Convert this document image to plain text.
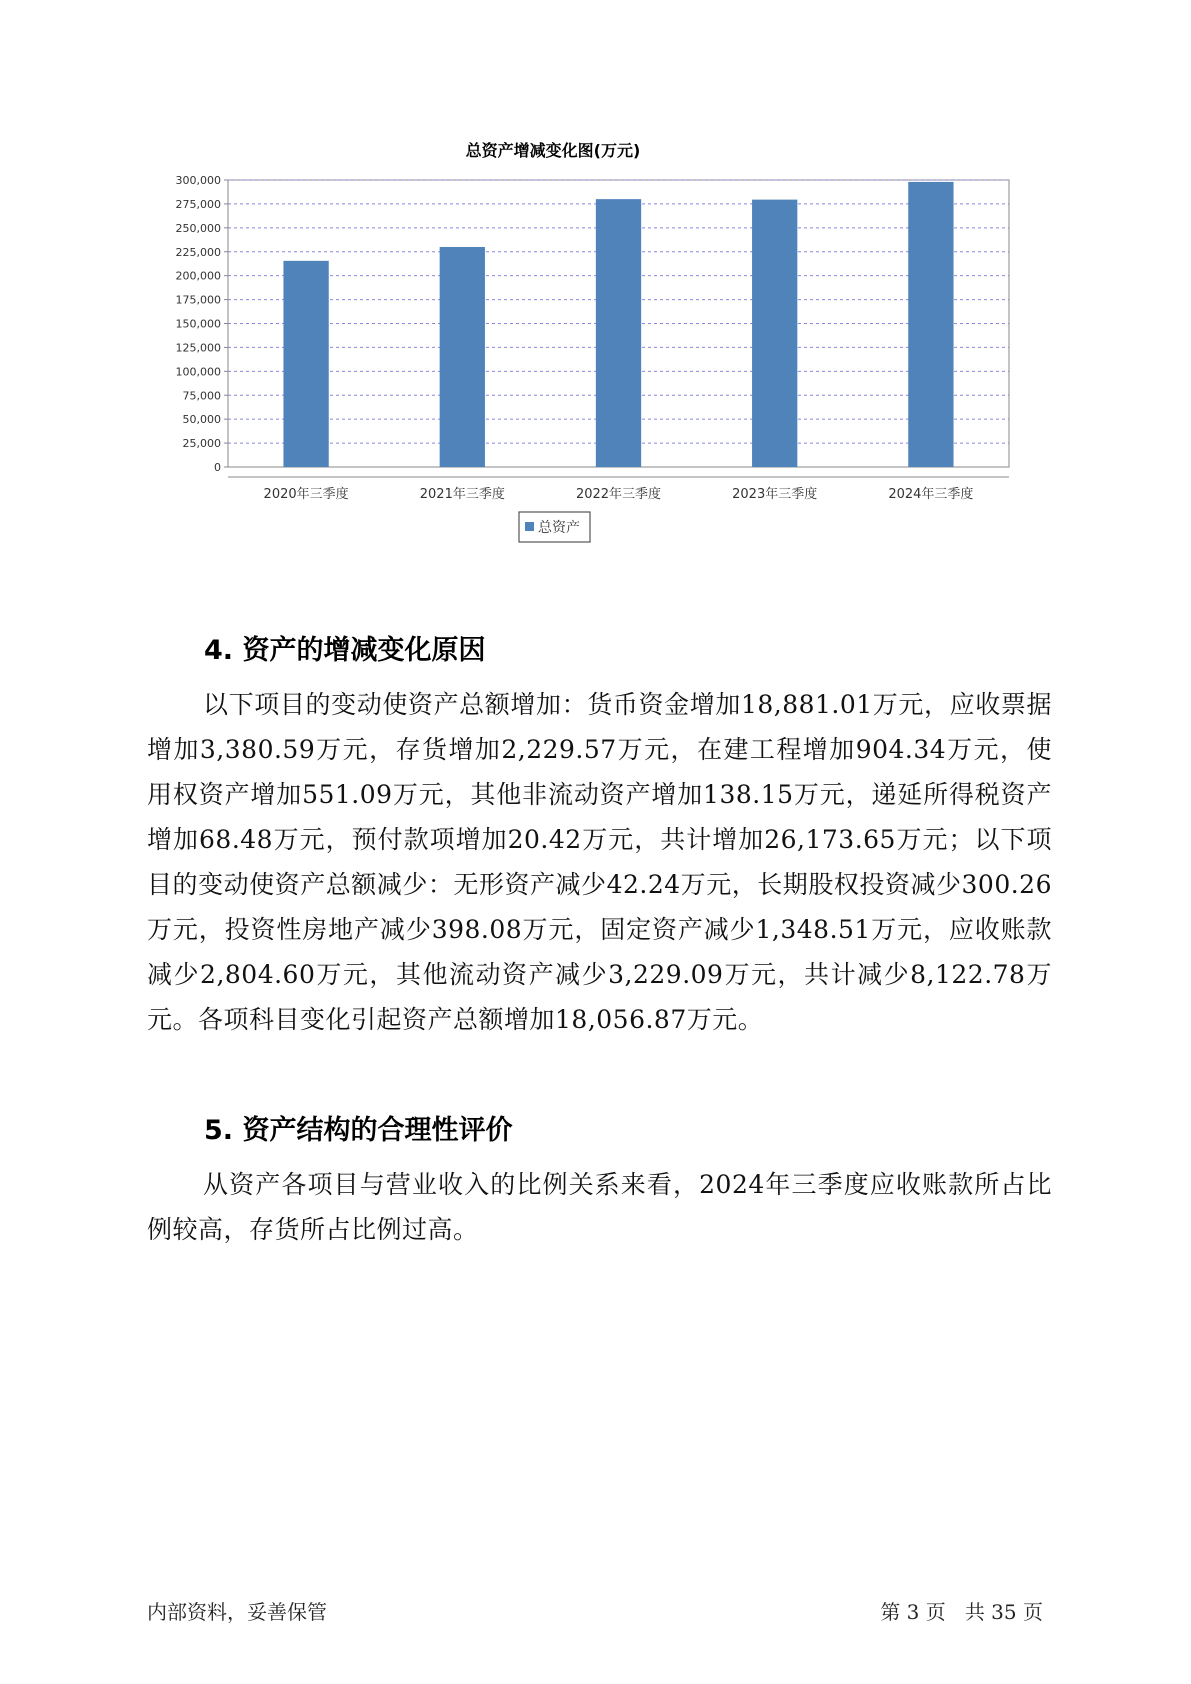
总资产增减变化图(万元)
0
25,000
50,000
75,000
100,000
125,000
150,000
175,000
200,000
225,000
250,000
275,000
300,000
2020年三季度	2021年三季度	2022年三季度	2023年三季度	2024年三季度
总资产
4. 资产的增减变化原因

以下项目的变动使资产总额增加：货币资金增加18,881.01万元，应收票据增加3,380.59万元，存货增加2,229.57万元，在建工程增加904.34万元，使用权资产增加551.09万元，其他非流动资产增加138.15万元，递延所得税资产增加68.48万元，预付款项增加20.42万元，共计增加26,173.65万元；以下项目的变动使资产总额减少：无形资产减少42.24万元，长期股权投资减少300.26万元，投资性房地产减少398.08万元，固定资产减少1,348.51万元，应收账款减少2,804.60万元，其他流动资产减少3,229.09万元，共计减少8,122.78万元。各项科目变化引起资产总额增加18,056.87万元。

5. 资产结构的合理性评价

从资产各项目与营业收入的比例关系来看，2024年三季度应收账款所占比例较高，存货所占比例过高。

内部资料，妥善保管	第 3 页   共 35 页
